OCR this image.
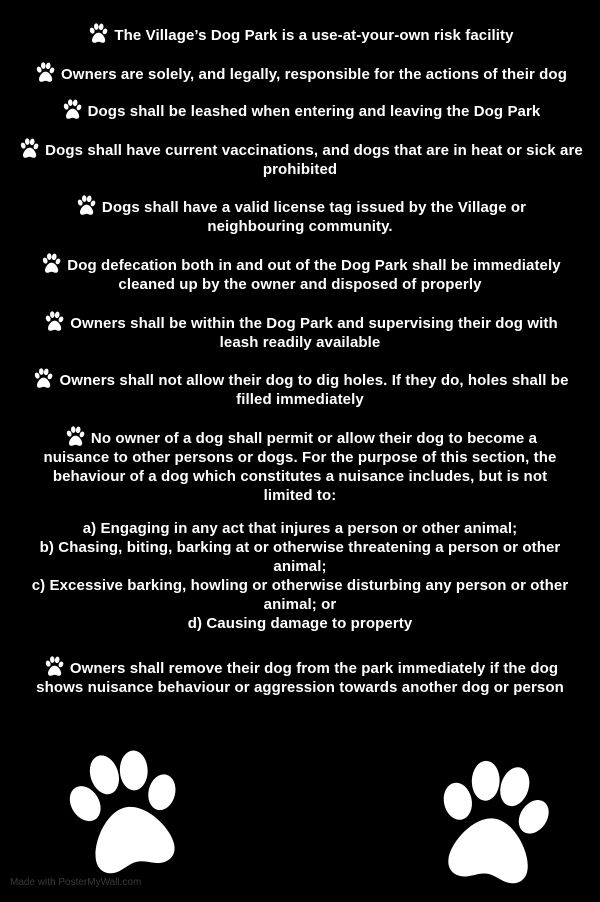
The Village’s Dog Park is a use-at-your-own risk facility
Owners are solely, and legally, responsible for the actions of their dog
Dogs shall be leashed when entering and leaving the Dog Park
Dogs shall have current vaccinations, and dogs that are in heat or sick are prohibited
Dogs shall have a valid license tag issued by the Village or neighbouring community.
Dog defecation both in and out of the Dog Park shall be immediately cleaned up by the owner and disposed of properly
Owners shall be within the Dog Park and supervising their dog with leash readily available
Owners shall not allow their dog to dig holes. If they do, holes shall be filled immediately
No owner of a dog shall permit or allow their dog to become a nuisance to other persons or dogs. For the purpose of this section, the behaviour of a dog which constitutes a nuisance includes, but is not limited to:
a) Engaging in any act that injures a person or other animal;
b) Chasing, biting, barking at or otherwise threatening a person or other animal;
c) Excessive barking, howling or otherwise disturbing any person or other animal; or
d) Causing damage to property
Owners shall remove their dog from the park immediately if the dog shows nuisance behaviour or aggression towards another dog or person
Made with PosterMyWall.com
